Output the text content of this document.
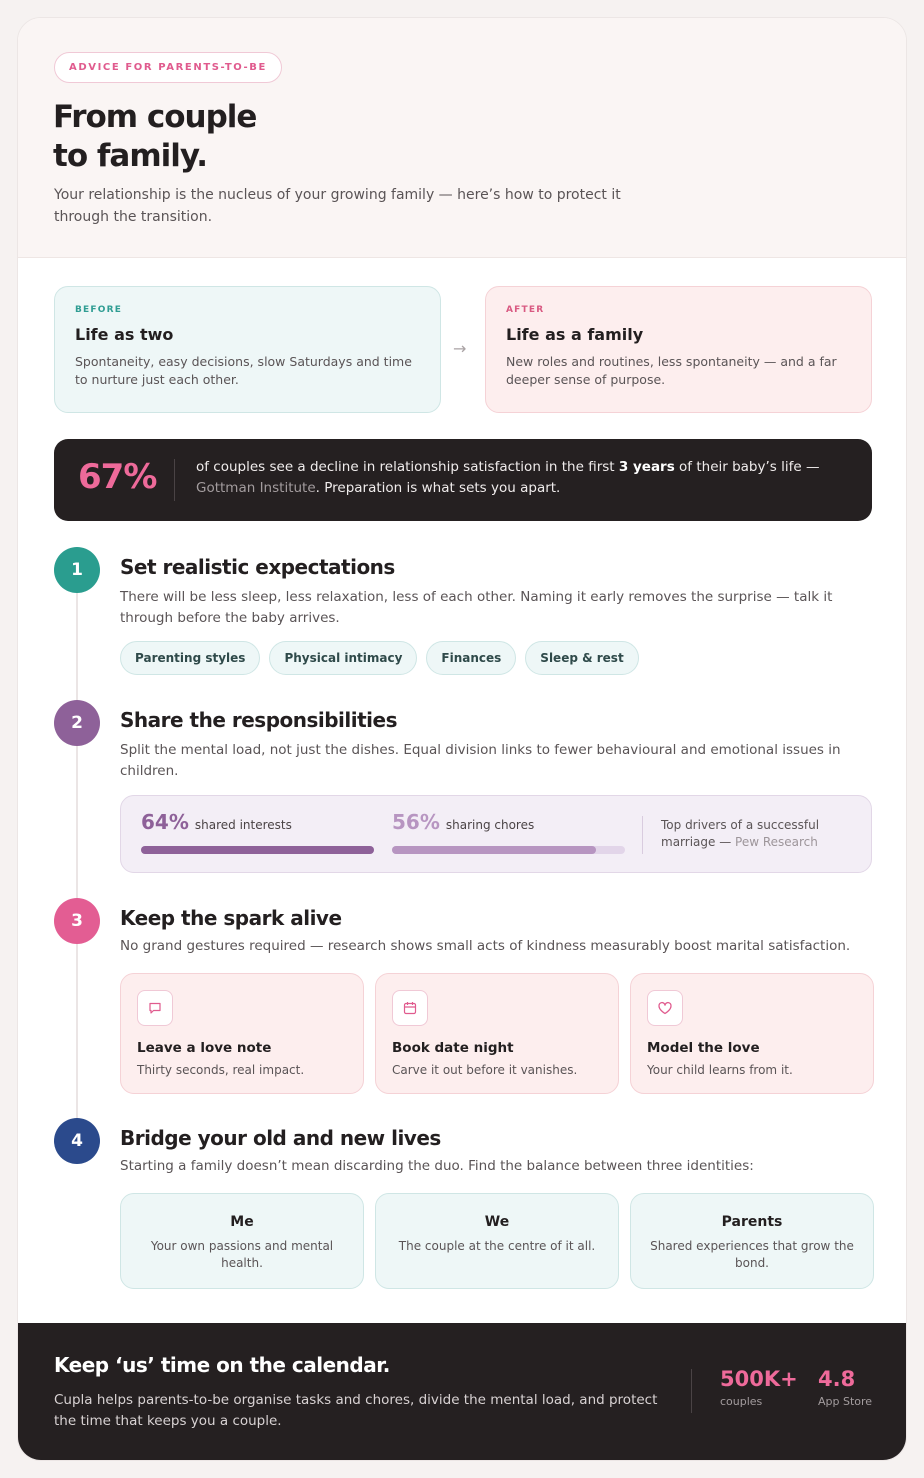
ADVICE FOR PARENTS-TO-BE
From couple
to family.

Your relationship is the nucleus of your growing family — here’s how to protect it through the transition.

BEFORE
Life as two
Spontaneity, easy decisions, slow Saturdays and time to nurture just each other.
→
AFTER
Life as a family
New roles and routines, less spontaneity — and a far deeper sense of purpose.
67%	of couples see a decline in relationship satisfaction in the first 3 years of their baby’s life — Gottman Institute. Preparation is what sets you apart.
1	Set realistic expectations
There will be less sleep, less relaxation, less of each other. Naming it early removes the surprise — talk it through before the baby arrives.
Parenting styles	Physical intimacy	Finances	Sleep & rest
2	Share the responsibilities
Split the mental load, not just the dishes. Equal division links to fewer behavioural and emotional issues in children.
64% shared interests	56% sharing chores	Top drivers of a successful marriage — Pew Research
3	Keep the spark alive
No grand gestures required — research shows small acts of kindness measurably boost marital satisfaction.
Leave a love note
Thirty seconds, real impact.
Book date night
Carve it out before it vanishes.
Model the love
Your child learns from it.
4	Bridge your old and new lives
Starting a family doesn’t mean discarding the duo. Find the balance between three identities:
Me
Your own passions and mental health.
We
The couple at the centre of it all.
Parents
Shared experiences that grow the bond.
Keep ‘us’ time on the calendar.
Cupla helps parents-to-be organise tasks and chores, divide the mental load, and protect the time that keeps you a couple.
500K+
couples
4.8
App Store
